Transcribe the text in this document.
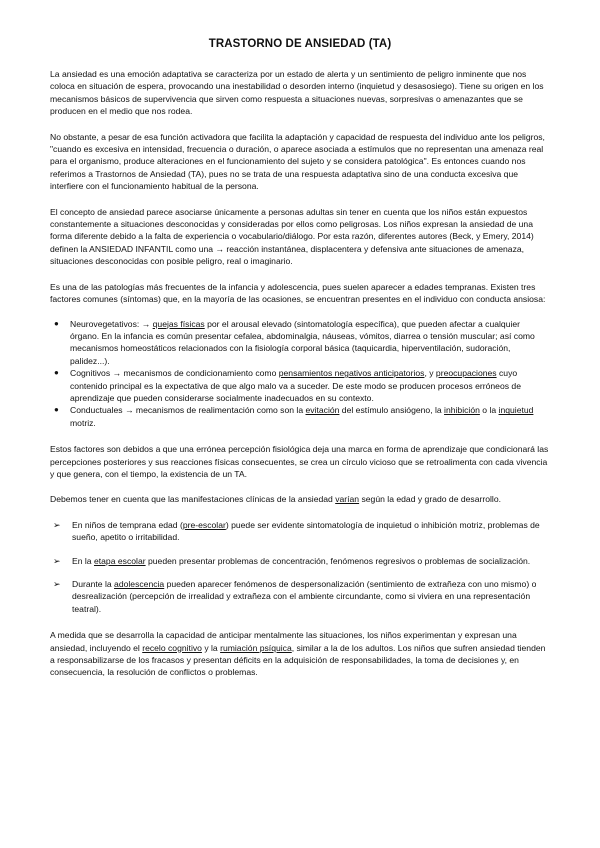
TRASTORNO DE ANSIEDAD (TA)

La ansiedad es una emoción adaptativa se caracteriza por un estado de alerta y un sentimiento de peligro inminente que nos coloca en situación de espera, provocando una inestabilidad o desorden interno (inquietud y desasosiego). Tiene su origen en los mecanismos básicos de supervivencia que sirven como respuesta a situaciones nuevas, sorpresivas o amenazantes que se producen en el medio que nos rodea.

No obstante, a pesar de esa función activadora que facilita la adaptación y capacidad de respuesta del individuo ante los peligros, "cuando es excesiva en intensidad, frecuencia o duración, o aparece asociada a estímulos que no representan una amenaza real para el organismo, produce alteraciones en el funcionamiento del sujeto y se considera patológica". Es entonces cuando nos referimos a Trastornos de Ansiedad (TA), pues no se trata de una respuesta adaptativa sino de una conducta excesiva que interfiere con el funcionamiento habitual de la persona.

El concepto de ansiedad parece asociarse únicamente a personas adultas sin tener en cuenta que los niños están expuestos constantemente a situaciones desconocidas y consideradas por ellos como peligrosas. Los niños expresan la ansiedad de una forma diferente debido a la falta de experiencia o vocabulario/diálogo. Por esta razón, diferentes autores (Beck, y Emery, 2014) definen la ANSIEDAD INFANTIL como una → reacción instantánea, displacentera y defensiva ante situaciones de amenaza, situaciones desconocidas con posible peligro, real o imaginario.

Es una de las patologías más frecuentes de la infancia y adolescencia, pues suelen aparecer a edades tempranas. Existen tres factores comunes (síntomas) que, en la mayoría de las ocasiones, se encuentran presentes en el individuo con conducta ansiosa:

● Neurovegetativos: → quejas físicas por el arousal elevado (sintomatología específica), que pueden afectar a cualquier órgano. En la infancia es común presentar cefalea, abdominalgia, náuseas, vómitos, diarrea o tensión muscular; así como mecanismos homeostáticos relacionados con la fisiología corporal básica (taquicardia, hiperventilación, sudoración, palidez...).
● Cognitivos → mecanismos de condicionamiento como pensamientos negativos anticipatorios, y preocupaciones cuyo contenido principal es la expectativa de que algo malo va a suceder. De este modo se producen procesos erróneos de aprendizaje que pueden considerarse socialmente inadecuados en su contexto.
● Conductuales → mecanismos de realimentación como son la evitación del estímulo ansiógeno, la inhibición o la inquietud motriz.

Estos factores son debidos a que una errónea percepción fisiológica deja una marca en forma de aprendizaje que condicionará las percepciones posteriores y sus reacciones físicas consecuentes, se crea un círculo vicioso que se retroalimenta con cada vivencia y que genera, con el tiempo, la existencia de un TA.

Debemos tener en cuenta que las manifestaciones clínicas de la ansiedad varían según la edad y grado de desarrollo.

➢ En niños de temprana edad (pre-escolar) puede ser evidente sintomatología de inquietud o inhibición motriz, problemas de sueño, apetito o irritabilidad.
➢ En la etapa escolar pueden presentar problemas de concentración, fenómenos regresivos o problemas de socialización.
➢ Durante la adolescencia pueden aparecer fenómenos de despersonalización (sentimiento de extrañeza con uno mismo) o desrealización (percepción de irrealidad y extrañeza con el ambiente circundante, como si viviera en una representación teatral).

A medida que se desarrolla la capacidad de anticipar mentalmente las situaciones, los niños experimentan y expresan una ansiedad, incluyendo el recelo cognitivo y la rumiación psíquica, similar a la de los adultos. Los niños que sufren ansiedad tienden a responsabilizarse de los fracasos y presentan déficits en la adquisición de responsabilidades, la toma de decisiones y, en consecuencia, la resolución de conflictos o problemas.
